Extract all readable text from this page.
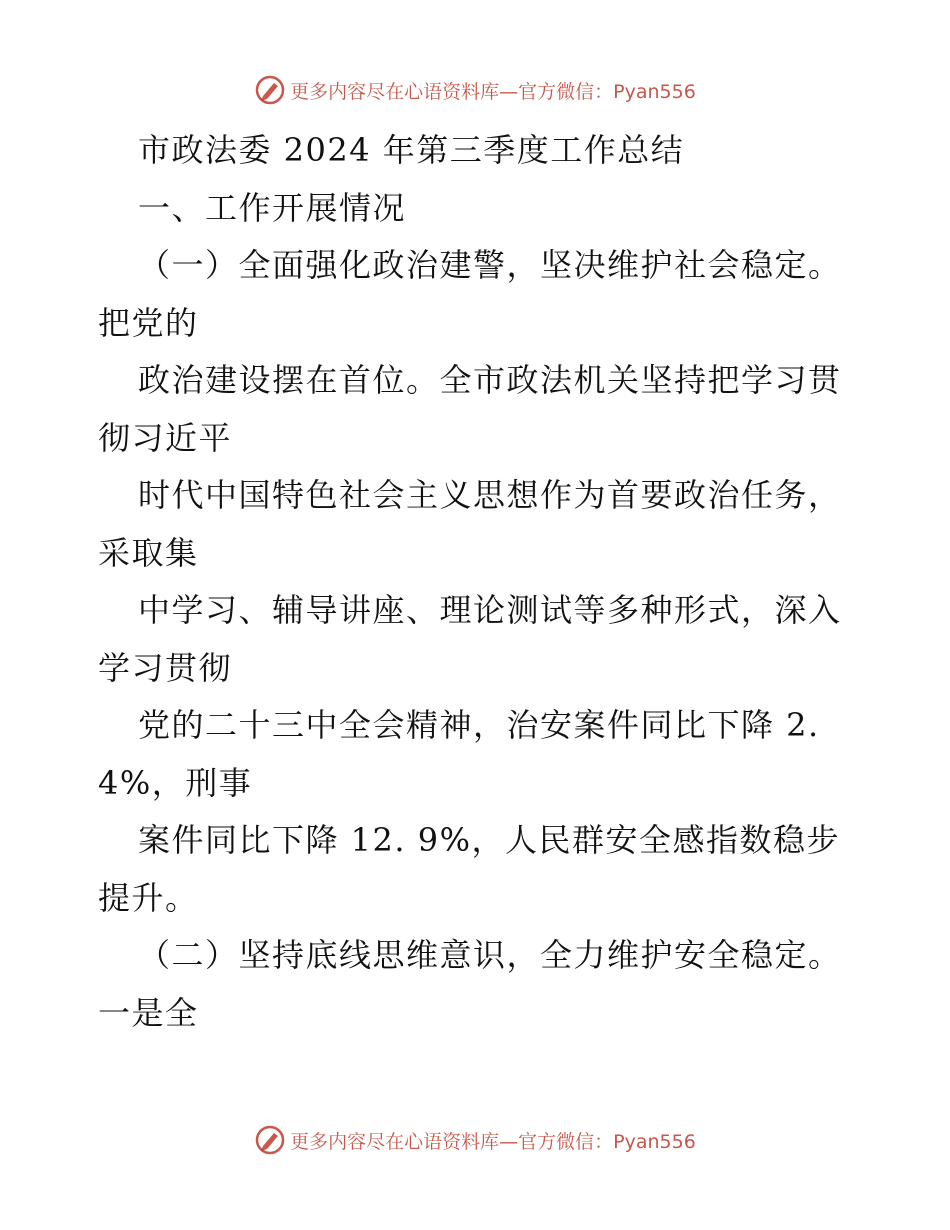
更多内容尽在心语资料库—官方微信：Pyan556
市政法委 2024 年第三季度工作总结
一、工作开展情况
（一）全面强化政治建警，坚决维护社会稳定。
把党的
政治建设摆在首位。全市政法机关坚持把学习贯
彻习近平
时代中国特色社会主义思想作为首要政治任务，
采取集
中学习、辅导讲座、理论测试等多种形式，深入
学习贯彻
党的二十三中全会精神，治安案件同比下降 2.
4%，刑事
案件同比下降 12. 9%，人民群安全感指数稳步
提升。
（二）坚持底线思维意识，全力维护安全稳定。
一是全
更多内容尽在心语资料库—官方微信：Pyan556
